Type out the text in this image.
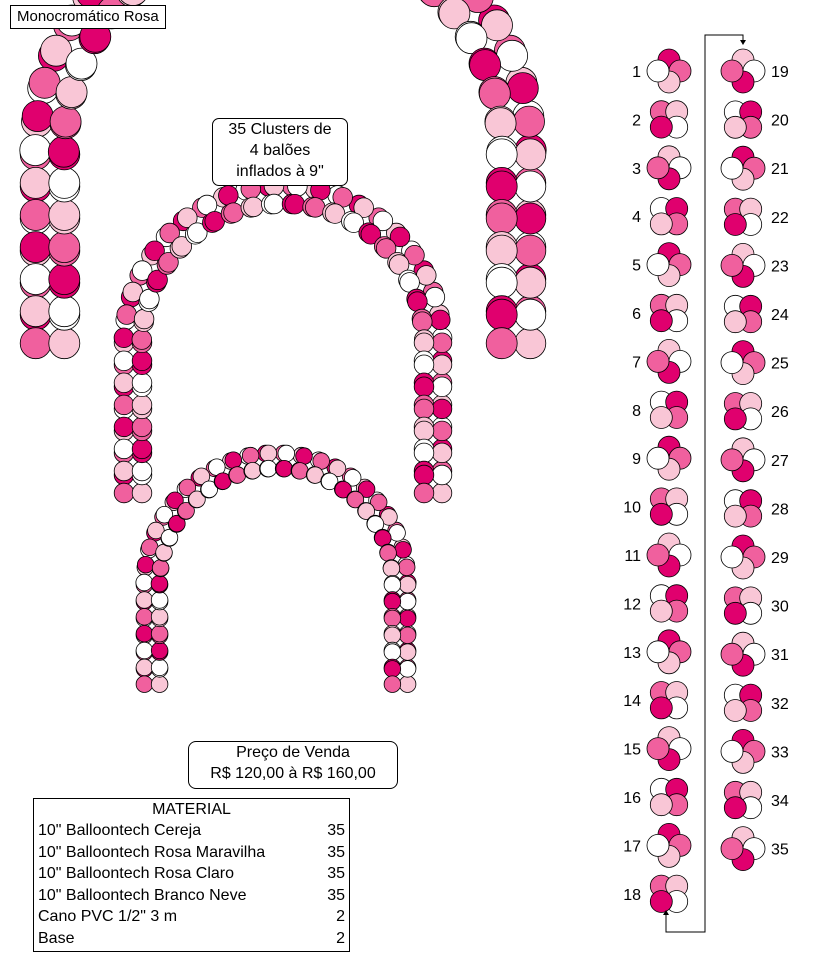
1
2
3
4
5
6
7
8
9
10
11
12
13
14
15
16
17
18
19
20
21
22
23
24
25
26
27
28
29
30
31
32
33
34
35
Monocromático Rosa
35 Clusters de
4 balões
inflados à 9"
Preço de Venda
R$ 120,00 à R$ 160,00
MATERIAL
10" Balloontech Cereja	35
10" Balloontech Rosa Maravilha	35
10" Balloontech Rosa Claro	35
10" Balloontech Branco Neve	35
Cano PVC 1/2" 3 m	2
Base	2
